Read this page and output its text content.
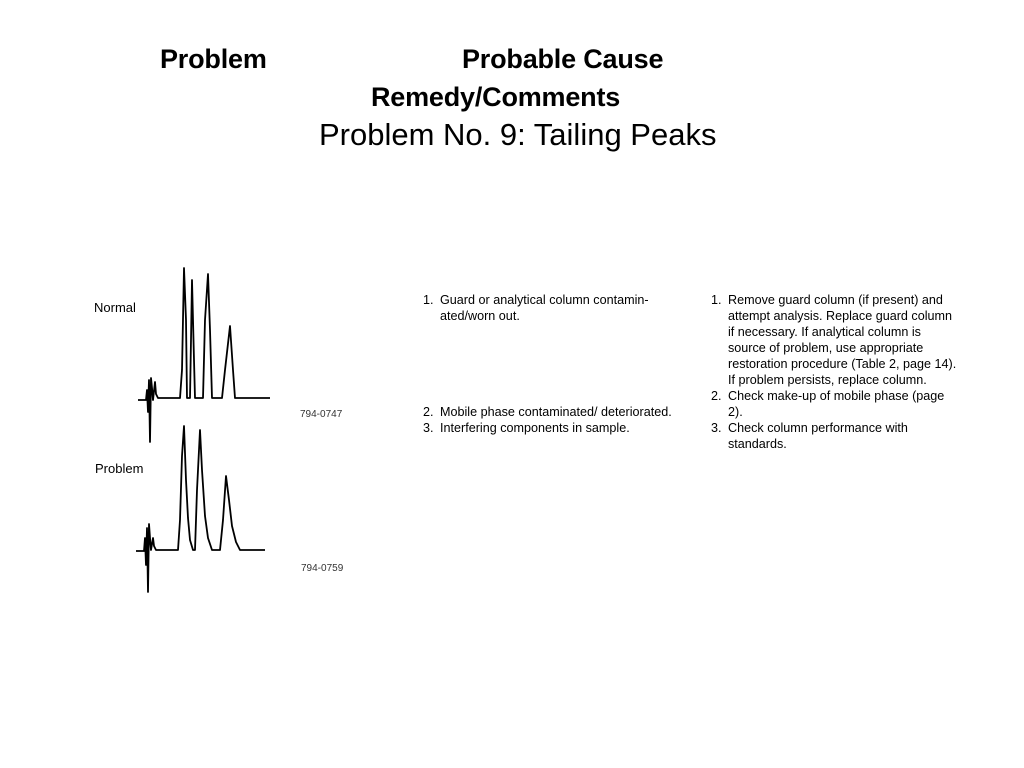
Problem	Probable Cause
Remedy/Comments
Problem No. 9: Tailing Peaks
Normal
794-0747
Problem
794-0759
1. Guard or analytical column contamin- ated/worn out.
2. Mobile phase contaminated/ deteriorated.
3. Interfering components in sample.
1. Remove guard column (if present) and attempt analysis. Replace guard column if necessary. If analytical column is source of problem, use appropriate restoration procedure (Table 2, page 14). If problem persists, replace column.
2. Check make-up of mobile phase (page 2).
3. Check column performance with standards.
